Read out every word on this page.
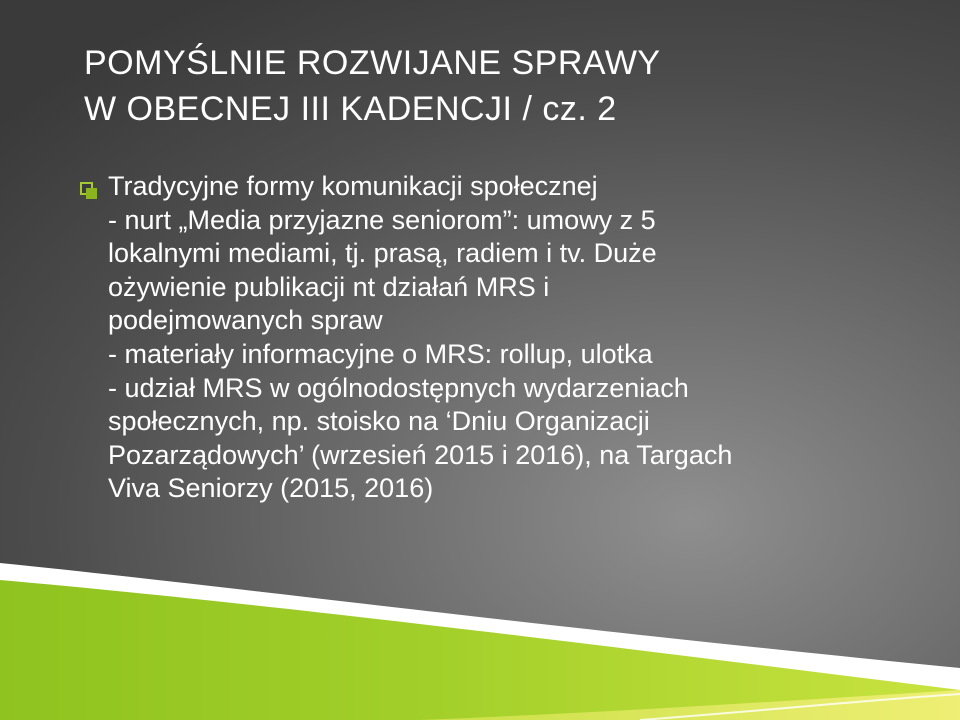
POMYŚLNIE ROZWIJANE SPRAWY
W OBECNEJ III KADENCJI / cz. 2
Tradycyjne formy komunikacji społecznej
- nurt „Media przyjazne seniorom”: umowy z 5
lokalnymi mediami, tj. prasą, radiem i tv. Duże
ożywienie publikacji nt działań MRS i
podejmowanych spraw
- materiały informacyjne o MRS: rollup, ulotka
- udział MRS w ogólnodostępnych wydarzeniach
społecznych, np. stoisko na ‘Dniu Organizacji
Pozarządowych’ (wrzesień 2015 i 2016), na Targach
Viva Seniorzy (2015, 2016)
